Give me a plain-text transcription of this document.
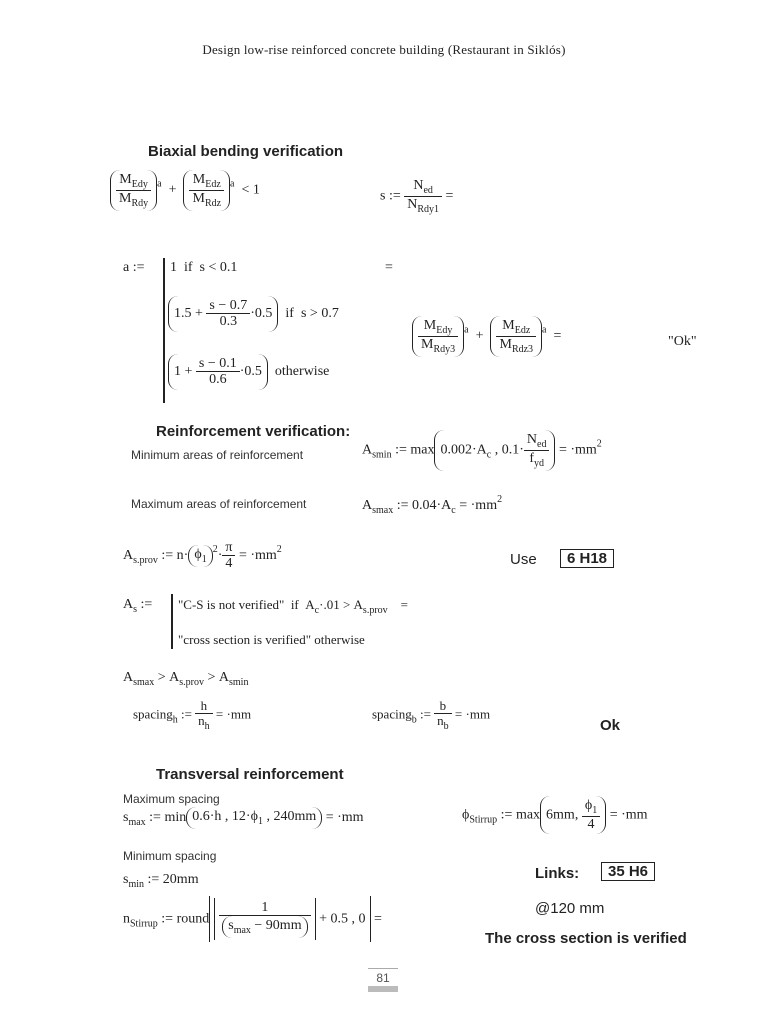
Design low-rise reinforced concrete building (Restaurant in Siklós)
Biaxial bending verification
$\frac{M_{Edy}}{M_{Rdy}} ^a + \frac{M_{Edz}}{M_{Rdz}} ^a < 1$	s := $\frac{N_{ed}}{N_{Rdy1}}$ =
a := 1  if  s < 0.1	=
$1.5 + \frac{s - 0.7}{0.3} \cdot 0.5$  if  s > 0.7
$1 + \frac{s - 0.1}{0.6} \cdot 0.5$  otherwise
$\frac{M_{Edy}}{M_{Rdy3}} ^a + \frac{M_{Edz}}{M_{Rdz3}} ^a$  =	"Ok"
Reinforcement verification:
Minimum areas of reinforcement	$A_{smin}$ := $\max 0.002\cdot A_c$ , $0.1\cdot \frac{N_{ed}}{f_{yd}} = \cdot mm^2$
Maximum areas of reinforcement	$A_{smax}$ := $0.04\cdot A_c = \cdot mm^2$
$A_{s.prov}$ := $n\cdot \phi_1^2\cdot \frac{\pi}{4} = \cdot mm^2$
Use	6 H18
$A_s$ := "C-S is not verified"  if  $A_c\cdot.01 > A_{s.prov}$    =
"cross section is verified" otherwise
$A_{smax} > A_{s.prov} > A_{smin}$
spacing$_h$ := $\frac{h}{n_h} = \cdot mm$	spacing$_b$ := $\frac{b}{n_b} = \cdot mm$
Ok
Transversal reinforcement
Maximum spacing
$s_{max}$ := min 0.6·h , $12\cdot\phi_1$ , 240mm = ·mm	$\phi_{Stirrup}$ := max 6mm, $\frac{\phi_1}{4} = \cdot mm$
Minimum spacing
$s_{min}$ := 20mm	Links:	35 H6
$n_{Stirrup}$ := round $\frac{1}{s_{max} - 90mm} + 0.5$ , 0 =
@120 mm
The cross section is verified
81
